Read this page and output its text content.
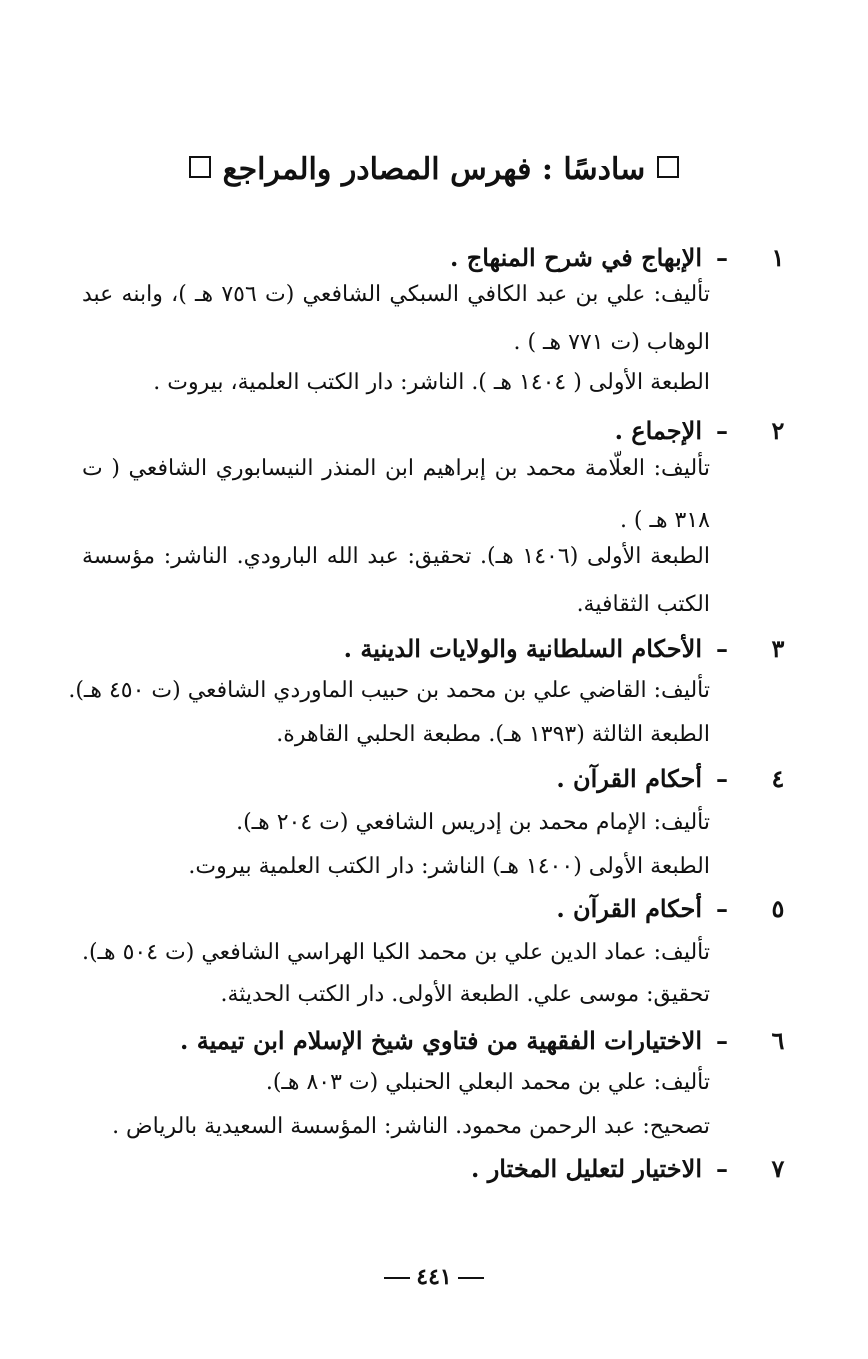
سادسًا : فهرس المصادر والمراجع
١
–الإبهاج في شرح المنهاج .
تأليف: علي بن عبد الكافي السبكي الشافعي (ت ٧٥٦ هـ )، وابنه عبد
الوهاب (ت ٧٧١ هـ ) .
الطبعة الأولى ( ١٤٠٤ هـ ). الناشر: دار الكتب العلمية، بيروت .
٢
–الإجماع .
تأليف: العلّامة محمد بن إبراهيم ابن المنذر النيسابوري الشافعي ( ت
٣١٨ هـ ) .
الطبعة الأولى (١٤٠٦ هـ). تحقيق: عبد الله البارودي. الناشر: مؤسسة
الكتب الثقافية.
٣
–الأحكام السلطانية والولايات الدينية .
تأليف: القاضي علي بن محمد بن حبيب الماوردي الشافعي (ت ٤٥٠ هـ).
الطبعة الثالثة (١٣٩٣ هـ). مطبعة الحلبي القاهرة.
٤
–أحكام القرآن .
تأليف: الإمام محمد بن إدريس الشافعي (ت ٢٠٤ هـ).
الطبعة الأولى (١٤٠٠ هـ) الناشر: دار الكتب العلمية بيروت.
٥
–أحكام القرآن .
تأليف: عماد الدين علي بن محمد الكيا الهراسي الشافعي (ت ٥٠٤ هـ).
تحقيق: موسى علي. الطبعة الأولى. دار الكتب الحديثة.
٦
–الاختيارات الفقهية من فتاوي شيخ الإسلام ابن تيمية .
تأليف: علي بن محمد البعلي الحنبلي (ت ٨٠٣ هـ).
تصحيح: عبد الرحمن محمود. الناشر: المؤسسة السعيدية بالرياض .
٧
–الاختيار لتعليل المختار .
٤٤١
